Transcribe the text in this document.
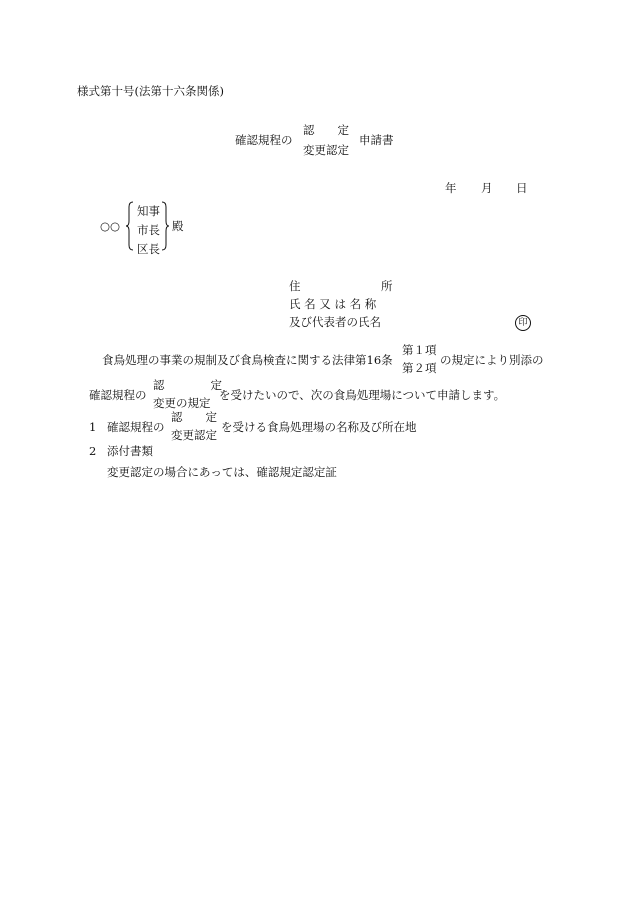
様式第十号(法第十六条関係)
確認規程の
認　　定
変更認定
申請書
年 月 日
○○
知事
市長
区長
殿
住　　　　　　　所
氏 名 又 は 名 称
及び代表者の氏名	印
食鳥処理の事業の規制及び食鳥検査に関する法律第16条
第１項
第２項
の規定により別添の
確認規程の
認　　　　定
変更の規定
を受けたいので、次の食鳥処理場について申請します。
1 確認規程の
認　　定
変更認定
を受ける食鳥処理場の名称及び所在地
2 添付書類
変更認定の場合にあっては、確認規定認定証
